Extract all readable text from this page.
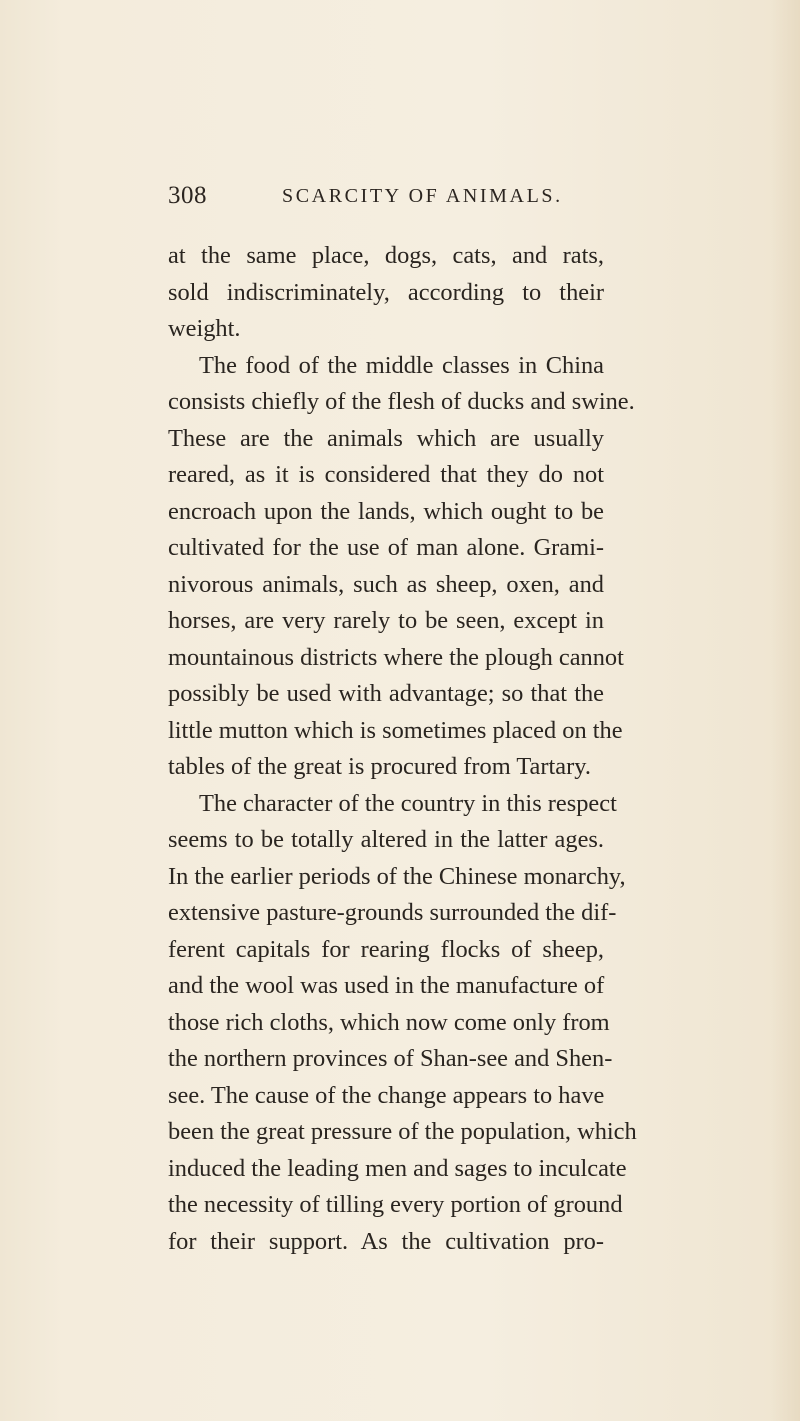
308	SCARCITY OF ANIMALS.
at the same place, dogs, cats, and rats,
sold indiscriminately, according to their
weight.
The food of the middle classes in China
consists chiefly of the flesh of ducks and swine.
These are the animals which are usually
reared, as it is considered that they do not
encroach upon the lands, which ought to be
cultivated for the use of man alone. Grami-
nivorous animals, such as sheep, oxen, and
horses, are very rarely to be seen, except in
mountainous districts where the plough cannot
possibly be used with advantage; so that the
little mutton which is sometimes placed on the
tables of the great is procured from Tartary.
The character of the country in this respect
seems to be totally altered in the latter ages.
In the earlier periods of the Chinese monarchy,
extensive pasture-grounds surrounded the dif-
ferent capitals for rearing flocks of sheep,
and the wool was used in the manufacture of
those rich cloths, which now come only from
the northern provinces of Shan-see and Shen-
see. The cause of the change appears to have
been the great pressure of the population, which
induced the leading men and sages to inculcate
the necessity of tilling every portion of ground
for their support. As the cultivation pro-
